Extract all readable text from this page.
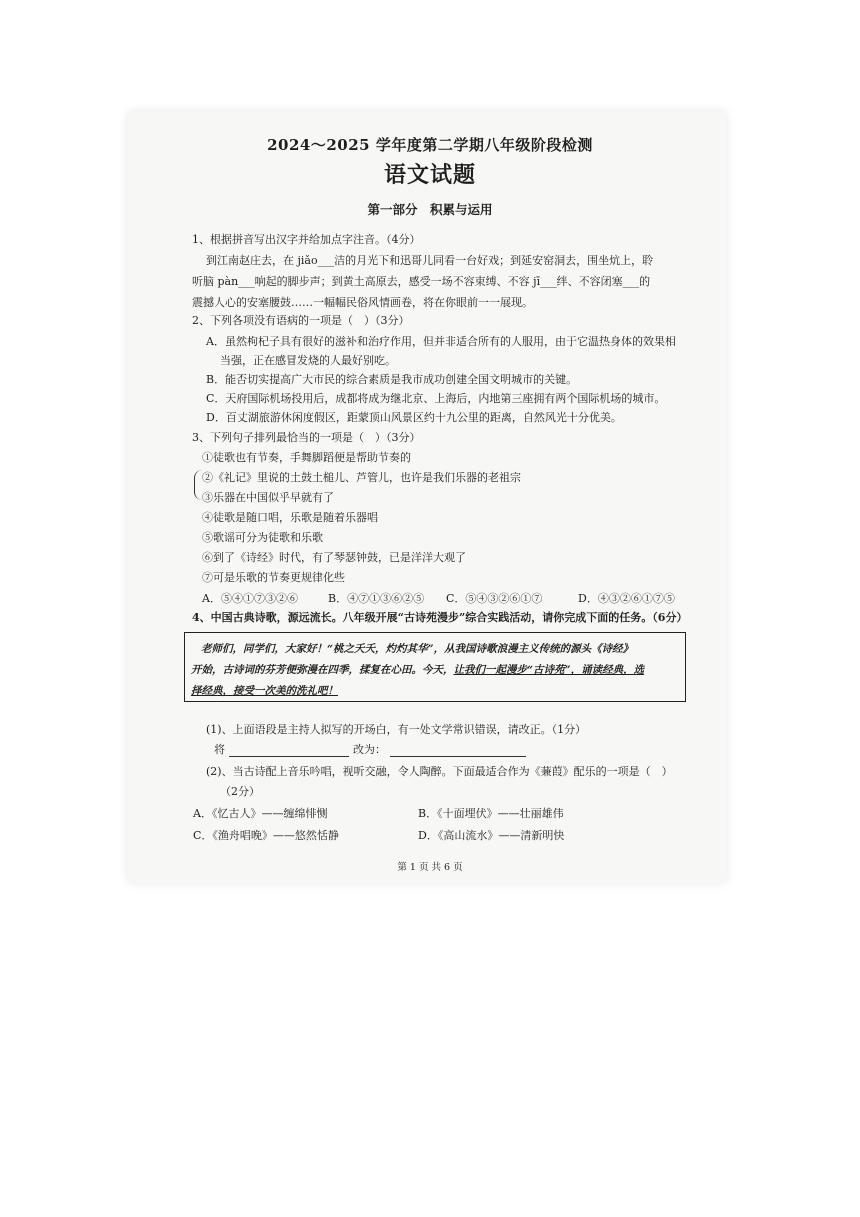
2024～2025 学年度第二学期八年级阶段检测
语文试题
第一部分　积累与运用
1、根据拼音写出汉字并给加点字注音。（4分）
到江南赵庄去，在 jiǎo___洁的月光下和迅哥儿同看一台好戏；到延安窑洞去，围坐炕上，聆
听脑 pàn___响起的脚步声；到黄土高原去，感受一场不容束缚、不容 jī___绊、不容闭塞___的
震撼人心的安塞腰鼓……一幅幅民俗风情画卷，将在你眼前一一展现。
2、下列各项没有语病的一项是（　）（3分）
A．虽然枸杞子具有很好的滋补和治疗作用，但并非适合所有的人服用，由于它温热身体的效果相
当强，正在感冒发烧的人最好别吃。
B．能否切实提高广大市民的综合素质是我市成功创建全国文明城市的关键。
C．天府国际机场投用后，成都将成为继北京、上海后，内地第三座拥有两个国际机场的城市。
D．百丈湖旅游休闲度假区，距蒙顶山风景区约十九公里的距离，自然风光十分优美。
3、下列句子排列最恰当的一项是（　）（3分）
①徒歌也有节奏，手舞脚蹈便是帮助节奏的
②《礼记》里说的土鼓土槌儿、芦管儿，也许是我们乐器的老祖宗
③乐器在中国似乎早就有了
④徒歌是随口唱，乐歌是随着乐器唱
⑤歌谣可分为徒歌和乐歌
⑥到了《诗经》时代，有了琴瑟钟鼓，已是洋洋大观了
⑦可是乐歌的节奏更规律化些
A．⑤④①⑦③②⑥	B．④⑦①③⑥②⑤ C．⑤④③②⑥①⑦	D．④③②⑥①⑦⑤
4、中国古典诗歌，源远流长。八年级开展“古诗苑漫步”综合实践活动，请你完成下面的任务。（6分）
老师们，同学们，大家好！“桃之夭夭，灼灼其华”，从我国诗歌浪漫主义传统的源头《诗经》
开始，古诗词的芬芳便弥漫在四季，揉复在心田。今天，让我们一起漫步“古诗苑”，诵读经典，选
择经典，接受一次美的洗礼吧！
(1)、上面语段是主持人拟写的开场白，有一处文学常识错误，请改正。（1分）
将	改为：
(2)、当古诗配上音乐吟唱，视听交融，令人陶醉。下面最适合作为《蒹葭》配乐的一项是（　）
（2分）
A．《忆古人》——缠绵悱恻	B．《十面埋伏》——壮丽雄伟
C．《渔舟唱晚》——悠然恬静	D．《高山流水》——清新明快
第 1 页 共 6 页
